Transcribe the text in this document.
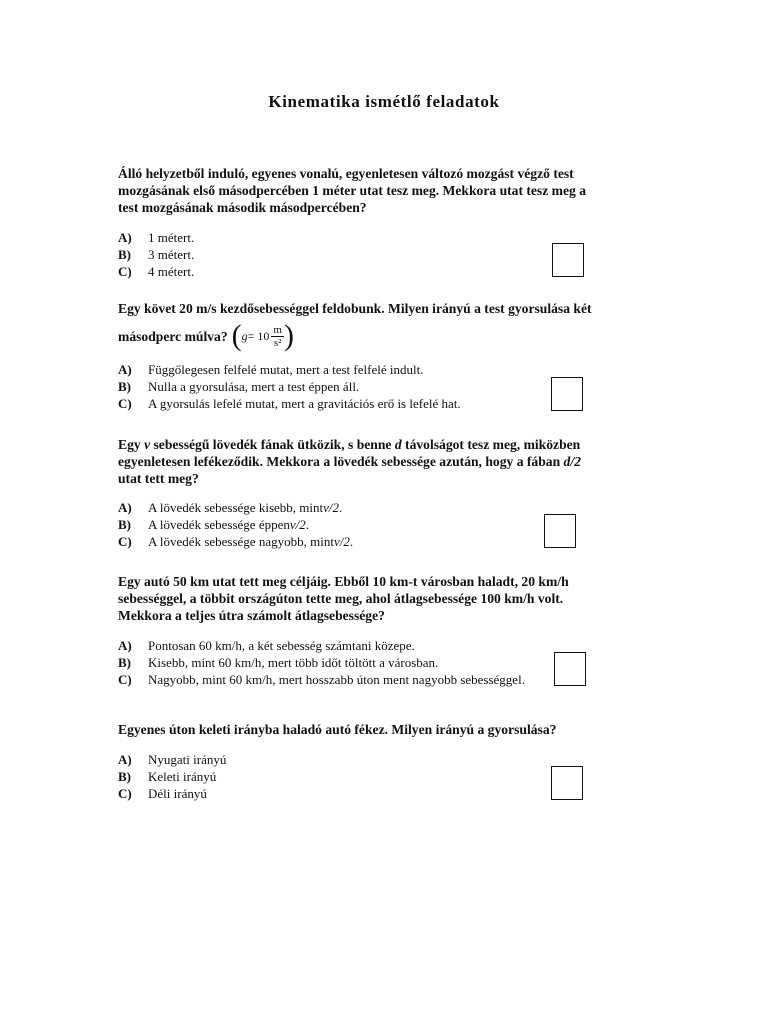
Kinematika ismétlő feladatok
Álló helyzetből induló, egyenes vonalú, egyenletesen változó mozgást végző test mozgásának első másodpercében 1 méter utat tesz meg. Mekkora utat tesz meg a test mozgásának második másodpercében?
A)	1 métert.
B)	3 métert.
C)	4 métert.
Egy követ 20 m/s kezdősebességgel feldobunk. Milyen irányú a test gyorsulása két
másodperc múlva? ( $g = 10 \frac{m}{\text{s²}}$ )
A)	Függőlegesen felfelé mutat, mert a test felfelé indult.
B)	Nulla a gyorsulása, mert a test éppen áll.
C)	A gyorsulás lefelé mutat, mert a gravitációs erő is lefelé hat.
Egy v sebességű lövedék fának ütközik, s benne d távolságot tesz meg, miközben egyenletesen lefékeződik. Mekkora a lövedék sebessége azután, hogy a fában d/2 utat tett meg?
A)	A lövedék sebessége kisebb, mint v/2 .
B)	A lövedék sebessége éppen v/2 .
C)	A lövedék sebessége nagyobb, mint v/2 .
Egy autó 50 km utat tett meg céljáig. Ebből 10 km-t városban haladt, 20 km/h sebességgel, a többit országúton tette meg, ahol átlagsebessége 100 km/h volt. Mekkora a teljes útra számolt átlagsebessége?
A)	Pontosan 60 km/h, a két sebesség számtani közepe.
B)	Kisebb, mint 60 km/h, mert több időt töltött a városban.
C)	Nagyobb, mint 60 km/h, mert hosszabb úton ment nagyobb sebességgel.
Egyenes úton keleti irányba haladó autó fékez. Milyen irányú a gyorsulása?
A)	Nyugati irányú
B)	Keleti irányú
C)	Déli irányú
